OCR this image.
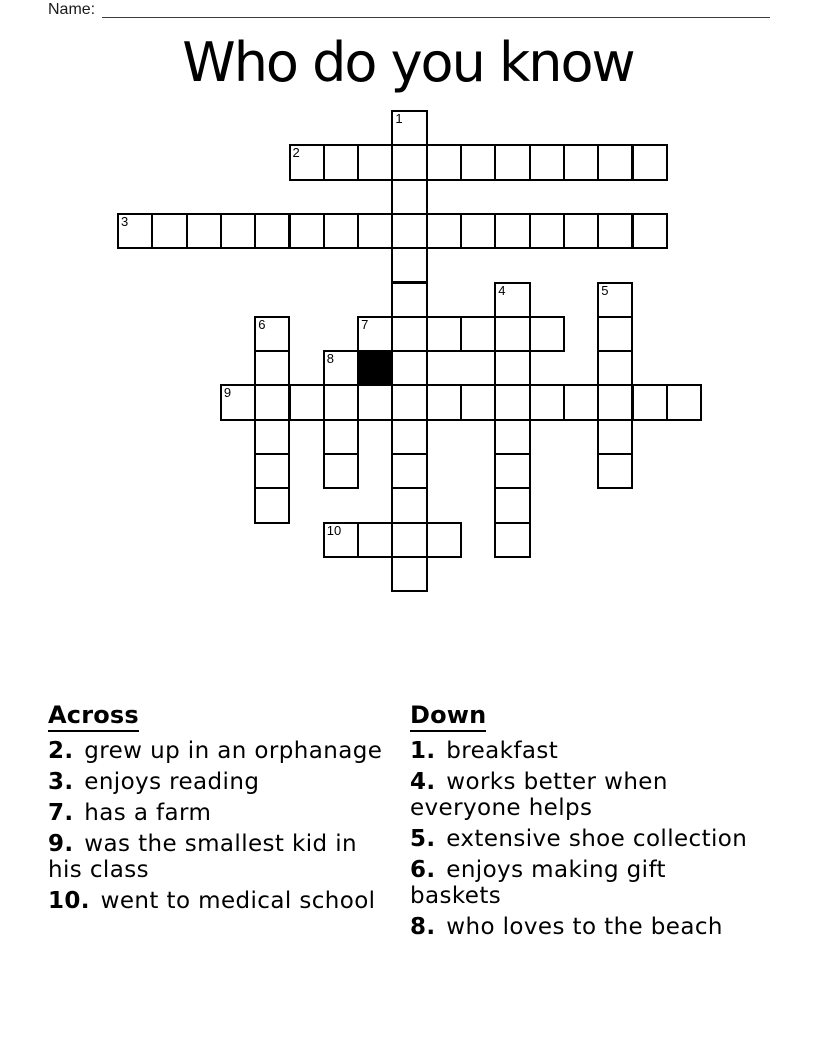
Name:
Who do you know
1
2
3
4	5
6	7
8
9
10
Across

2. grew up in an orphanage

3. enjoys reading

7. has a farm

9. was the smallest kid in his class

10. went to medical school

Down

1. breakfast

4. works better when everyone helps

5. extensive shoe collection

6. enjoys making gift baskets

8. who loves to the beach
